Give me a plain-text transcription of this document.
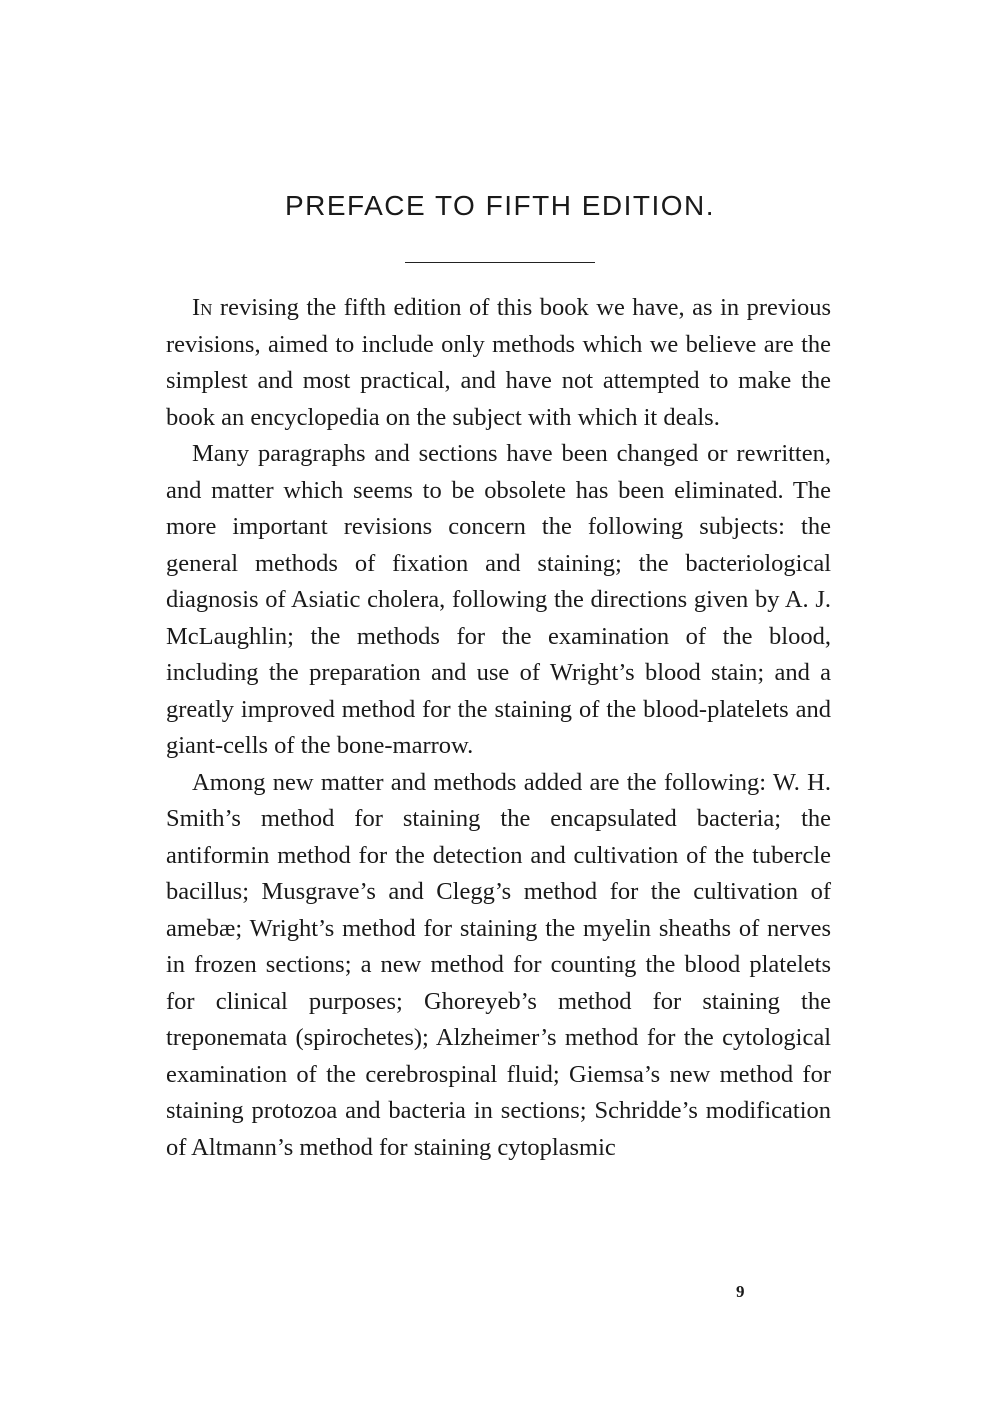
PREFACE TO FIFTH EDITION.

In revising the fifth edition of this book we have, as in previous revisions, aimed to include only methods which we believe are the simplest and most practical, and have not attempted to make the book an encyclopedia on the subject with which it deals.

Many paragraphs and sections have been changed or rewritten, and matter which seems to be obsolete has been eliminated. The more important revisions concern the following subjects: the general methods of fixation and staining; the bacteriological diagnosis of Asiatic cholera, following the directions given by A. J. McLaughlin; the methods for the examination of the blood, including the preparation and use of Wright’s blood stain; and a greatly improved method for the staining of the blood-platelets and giant-cells of the bone-marrow.

Among new matter and methods added are the following: W. H. Smith’s method for staining the encapsulated bacteria; the antiformin method for the detection and cultivation of the tubercle bacillus; Musgrave’s and Clegg’s method for the cultivation of amebæ; Wright’s method for staining the myelin sheaths of nerves in frozen sections; a new method for counting the blood platelets for clinical purposes; Ghoreyeb’s method for staining the treponemata (spirochetes); Alzheimer’s method for the cytological examination of the cerebrospinal fluid; Giemsa’s new method for staining protozoa and bacteria in sections; Schridde’s modification of Altmann’s method for staining cytoplasmic

9
